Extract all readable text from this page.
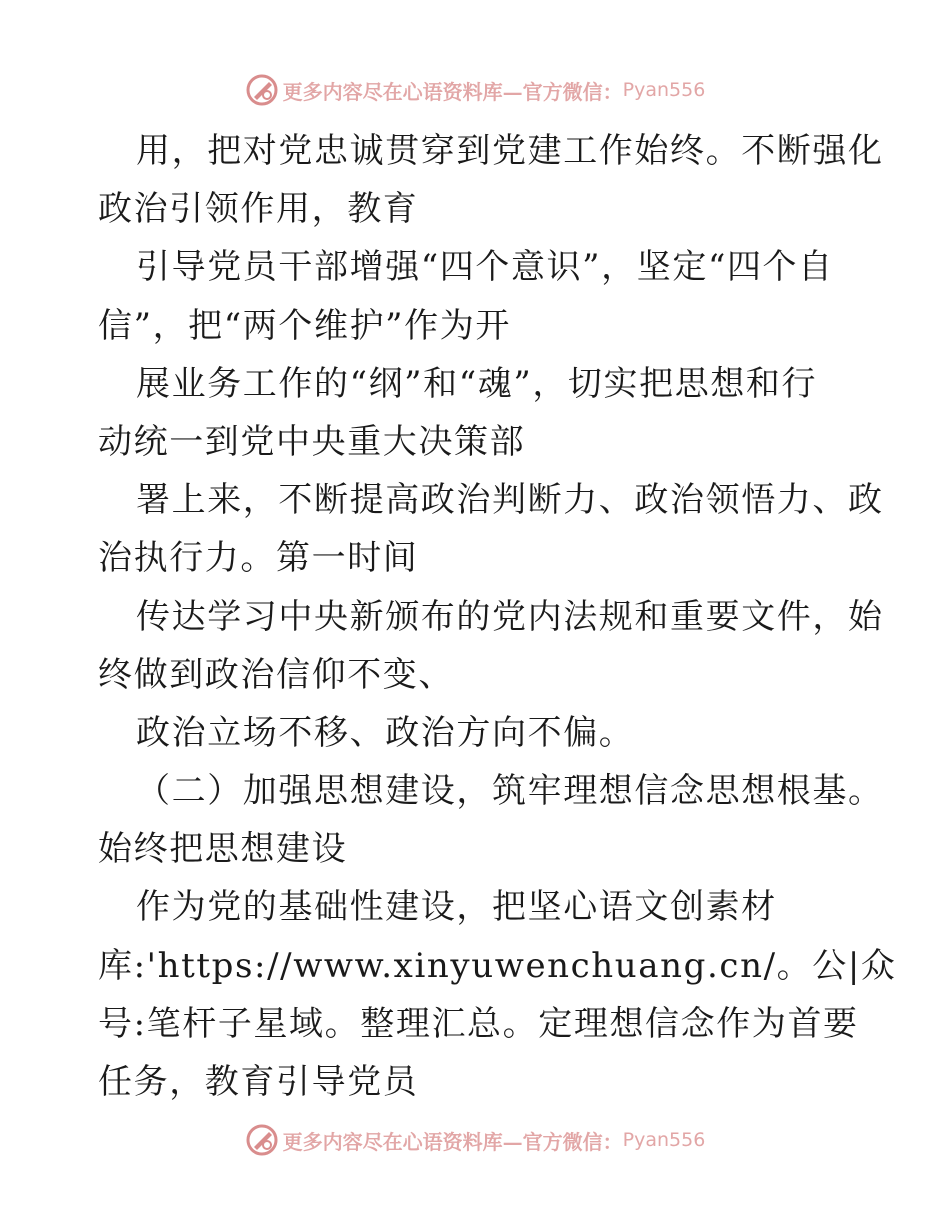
更多内容尽在心语资料库—官方微信： Pyan556
用，把对党忠诚贯穿到党建工作始终。不断强化
政治引领作用，教育
引导党员干部增强“四个意识”，坚定“四个自
信”，把“两个维护”作为开
展业务工作的“纲”和“魂”，切实把思想和行
动统一到党中央重大决策部
署上来，不断提高政治判断力、政治领悟力、政
治执行力。第一时间
传达学习中央新颁布的党内法规和重要文件，始
终做到政治信仰不变、
政治立场不移、政治方向不偏。
（二）加强思想建设，筑牢理想信念思想根基。
始终把思想建设
作为党的基础性建设，把坚心语文创素材
库:'https://www.xinyuwenchuang.cn/。公|众
号:笔杆子星域。整理汇总。定理想信念作为首要
任务，教育引导党员
更多内容尽在心语资料库—官方微信： Pyan556
